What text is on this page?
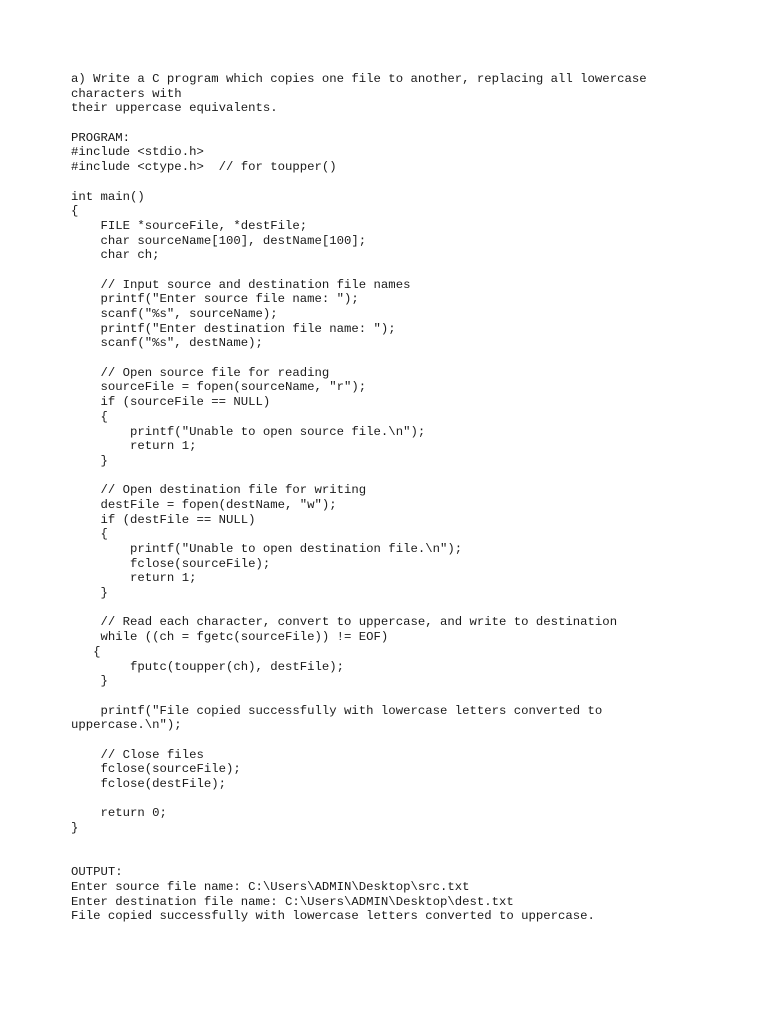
a) Write a C program which copies one file to another, replacing all lowercase
characters with
their uppercase equivalents.
PROGRAM:
#include <stdio.h>
#include <ctype.h>  // for toupper()
int main()
{
FILE *sourceFile, *destFile;
char sourceName[100], destName[100];
char ch;
// Input source and destination file names
printf("Enter source file name: ");
scanf("%s", sourceName);
printf("Enter destination file name: ");
scanf("%s", destName);
// Open source file for reading
sourceFile = fopen(sourceName, "r");
if (sourceFile == NULL)
{
printf("Unable to open source file.\n");
return 1;
}
// Open destination file for writing
destFile = fopen(destName, "w");
if (destFile == NULL)
{
printf("Unable to open destination file.\n");
fclose(sourceFile);
return 1;
}
// Read each character, convert to uppercase, and write to destination
while ((ch = fgetc(sourceFile)) != EOF)
{
fputc(toupper(ch), destFile);
}
printf("File copied successfully with lowercase letters converted to
uppercase.\n");
// Close files
fclose(sourceFile);
fclose(destFile);
return 0;
}
OUTPUT:
Enter source file name: C:\Users\ADMIN\Desktop\src.txt
Enter destination file name: C:\Users\ADMIN\Desktop\dest.txt
File copied successfully with lowercase letters converted to uppercase.
